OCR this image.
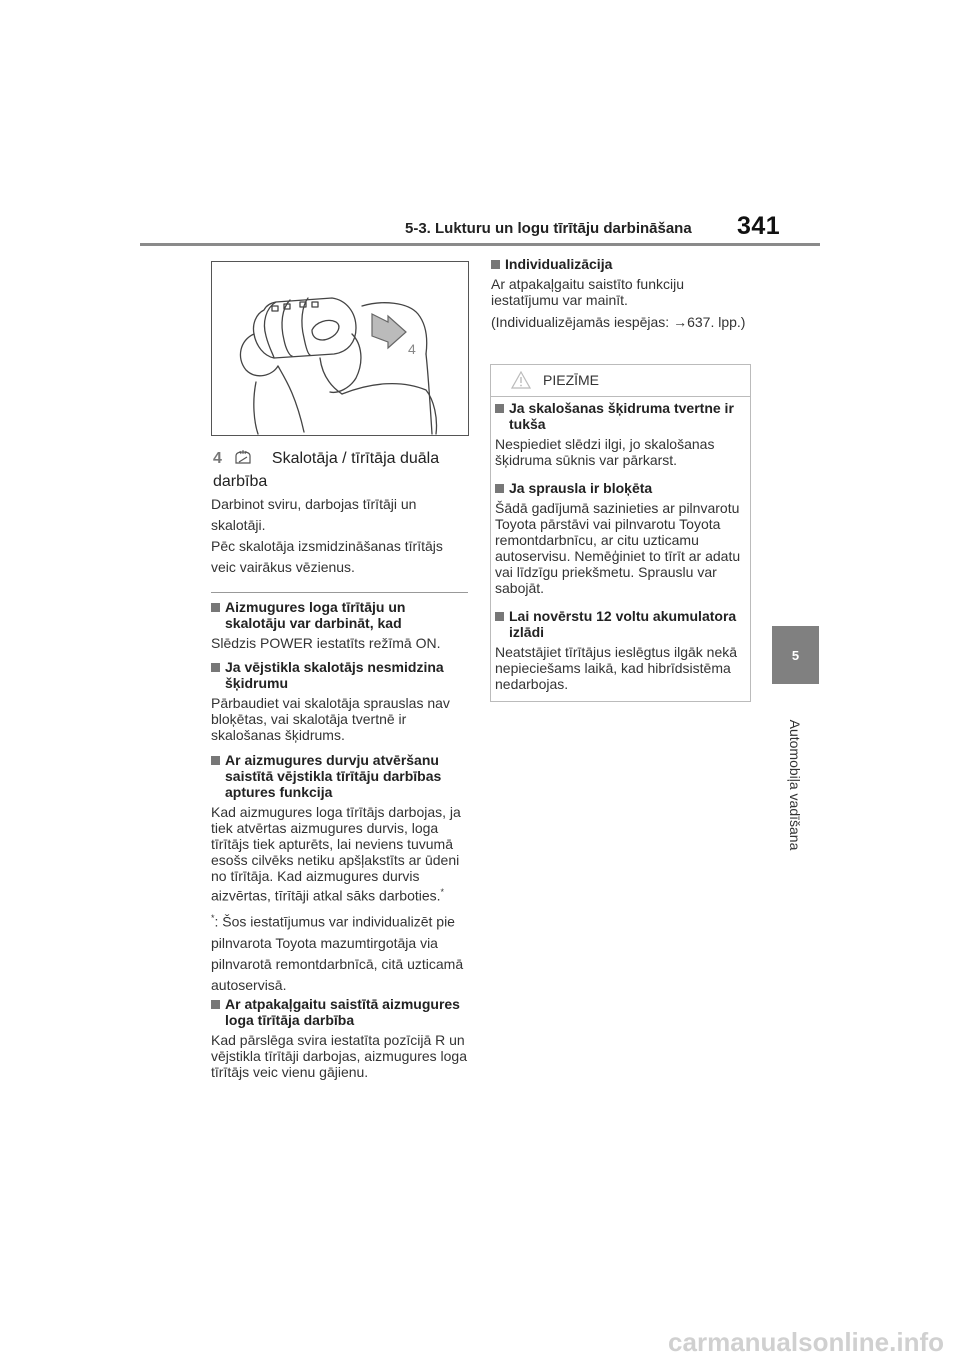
5-3. Lukturu un logu tīrītāju darbināšana 341
5
Automobiļa vadīšana
4
4	Skalotāja / tīrītāja duāla darbība
Darbinot sviru, darbojas tīrītāji un skalotāji.
Pēc skalotāja izsmidzināšanas tīrītājs veic vairākus vēzienus.
Aizmugures loga tīrītāju un skalotāju var darbināt, kad

Slēdzis POWER iestatīts režīmā ON.

Ja vējstikla skalotājs nesmidzina šķidrumu

Pārbaudiet vai skalotāja sprauslas nav bloķētas, vai skalotāja tvertnē ir skalošanas šķidrums.

Ar aizmugures durvju atvēršanu saistītā vējstikla tīrītāju darbības aptures funkcija

Kad aizmugures loga tīrītājs darbojas, ja tiek atvērtas aizmugures durvis, loga tīrītājs tiek apturēts, lai neviens tuvumā esošs cilvēks netiku apšļakstīts ar ūdeni no tīrītāja. Kad aizmugures durvis aizvērtas, tīrītāji atkal sāks darboties.*

*: Šos iestatījumus var individualizēt pie pilnvarota Toyota mazumtirgotāja via pilnvarotā remontdarbnīcā, citā uzticamā autoservisā.
Ar atpakaļgaitu saistītā aizmugures loga tīrītāja darbība

Kad pārslēga svira iestatīta pozīcijā R un vējstikla tīrītāji darbojas, aizmugures loga tīrītājs veic vienu gājienu.

Individualizācija

Ar atpakaļgaitu saistīto funkciju iestatījumu var mainīt.

(Individualizējamās iespējas: →637. lpp.)

PIEZĪME
Ja skalošanas šķidruma tvertne ir tukša

Nespiediet slēdzi ilgi, jo skalošanas šķidruma sūknis var pārkarst.

Ja sprausla ir bloķēta

Šādā gadījumā sazinieties ar pilnvarotu Toyota pārstāvi vai pilnvarotu Toyota remontdarbnīcu, ar citu uzticamu autoservisu. Nemēģiniet to tīrīt ar adatu vai līdzīgu priekšmetu. Sprauslu var sabojāt.

Lai novērstu 12 voltu akumulatora izlādi

Neatstājiet tīrītājus ieslēgtus ilgāk nekā nepieciešams laikā, kad hibrīdsistēma nedarbojas.

carmanualsonline.info
